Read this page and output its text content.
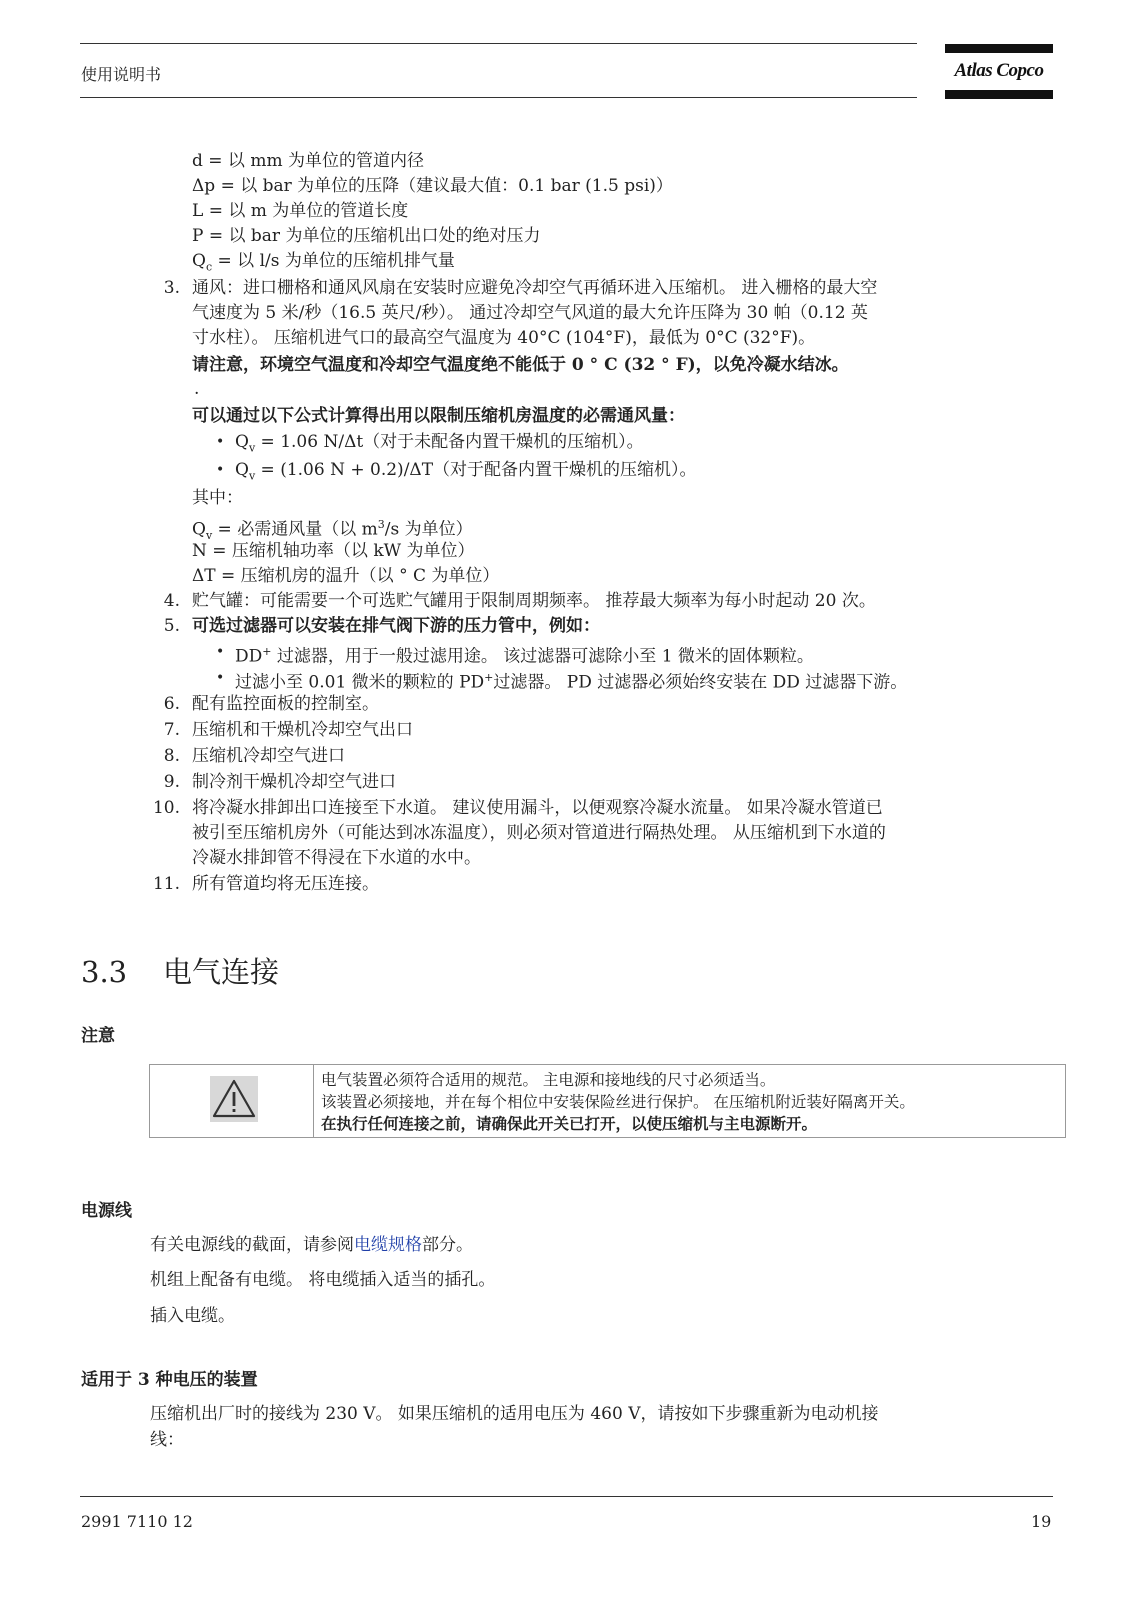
使用说明书	Atlas Copco
d = 以 mm 为单位的管道内径
Δp = 以 bar 为单位的压降（建议最大值：0.1 bar (1.5 psi)）
L = 以 m 为单位的管道长度
P = 以 bar 为单位的压缩机出口处的绝对压力
$Q_c$ = 以 l/s 为单位的压缩机排气量
3. 通风：进口栅格和通风风扇在安装时应避免冷却空气再循环进入压缩机。 进入栅格的最大空
气速度为 5 米/秒（16.5 英尺/秒）。 通过冷却空气风道的最大允许压降为 30 帕（0.12 英
寸水柱）。 压缩机进气口的最高空气温度为 40°C (104°F)，最低为 0°C (32°F)。
请注意，环境空气温度和冷却空气温度绝不能低于 0 ° C (32 ° F)，以免冷凝水结冰。
.
可以通过以下公式计算得出用以限制压缩机房温度的必需通风量：
• $Q_v = 1.06$ N/Δt（对于未配备内置干燥机的压缩机）。
• $Q_v = (1.06$ N + 0.2)/ΔT（对于配备内置干燥机的压缩机）。
其中：
$Q_v$ = 必需通风量（以 $m^3/s$ 为单位）
N = 压缩机轴功率（以 kW 为单位）
ΔT = 压缩机房的温升（以 ° C 为单位）
4. 贮气罐：可能需要一个可选贮气罐用于限制周期频率。 推荐最大频率为每小时起动 20 次。
5. 可选过滤器可以安装在排气阀下游的压力管中，例如：
• DD+ 过滤器，用于一般过滤用途。 该过滤器可滤除小至 1 微米的固体颗粒。
• 过滤小至 0.01 微米的颗粒的 PD+过滤器。 PD 过滤器必须始终安装在 DD 过滤器下游。
6. 配有监控面板的控制室。
7. 压缩机和干燥机冷却空气出口
8. 压缩机冷却空气进口
9. 制冷剂干燥机冷却空气进口
10. 将冷凝水排卸出口连接至下水道。 建议使用漏斗，以便观察冷凝水流量。 如果冷凝水管道已
被引至压缩机房外（可能达到冰冻温度），则必须对管道进行隔热处理。 从压缩机到下水道的
冷凝水排卸管不得浸在下水道的水中。
11. 所有管道均将无压连接。
3.3 电气连接
注意
电气装置必须符合适用的规范。 主电源和接地线的尺寸必须适当。
该装置必须接地，并在每个相位中安装保险丝进行保护。 在压缩机附近装好隔离开关。
在执行任何连接之前，请确保此开关已打开，以使压缩机与主电源断开。
电源线
有关电源线的截面，请参阅电缆规格部分。
机组上配备有电缆。 将电缆插入适当的插孔。
插入电缆。
适用于 3 种电压的装置
压缩机出厂时的接线为 230 V。 如果压缩机的适用电压为 460 V，请按如下步骤重新为电动机接
线：
2991 7110 12	19
